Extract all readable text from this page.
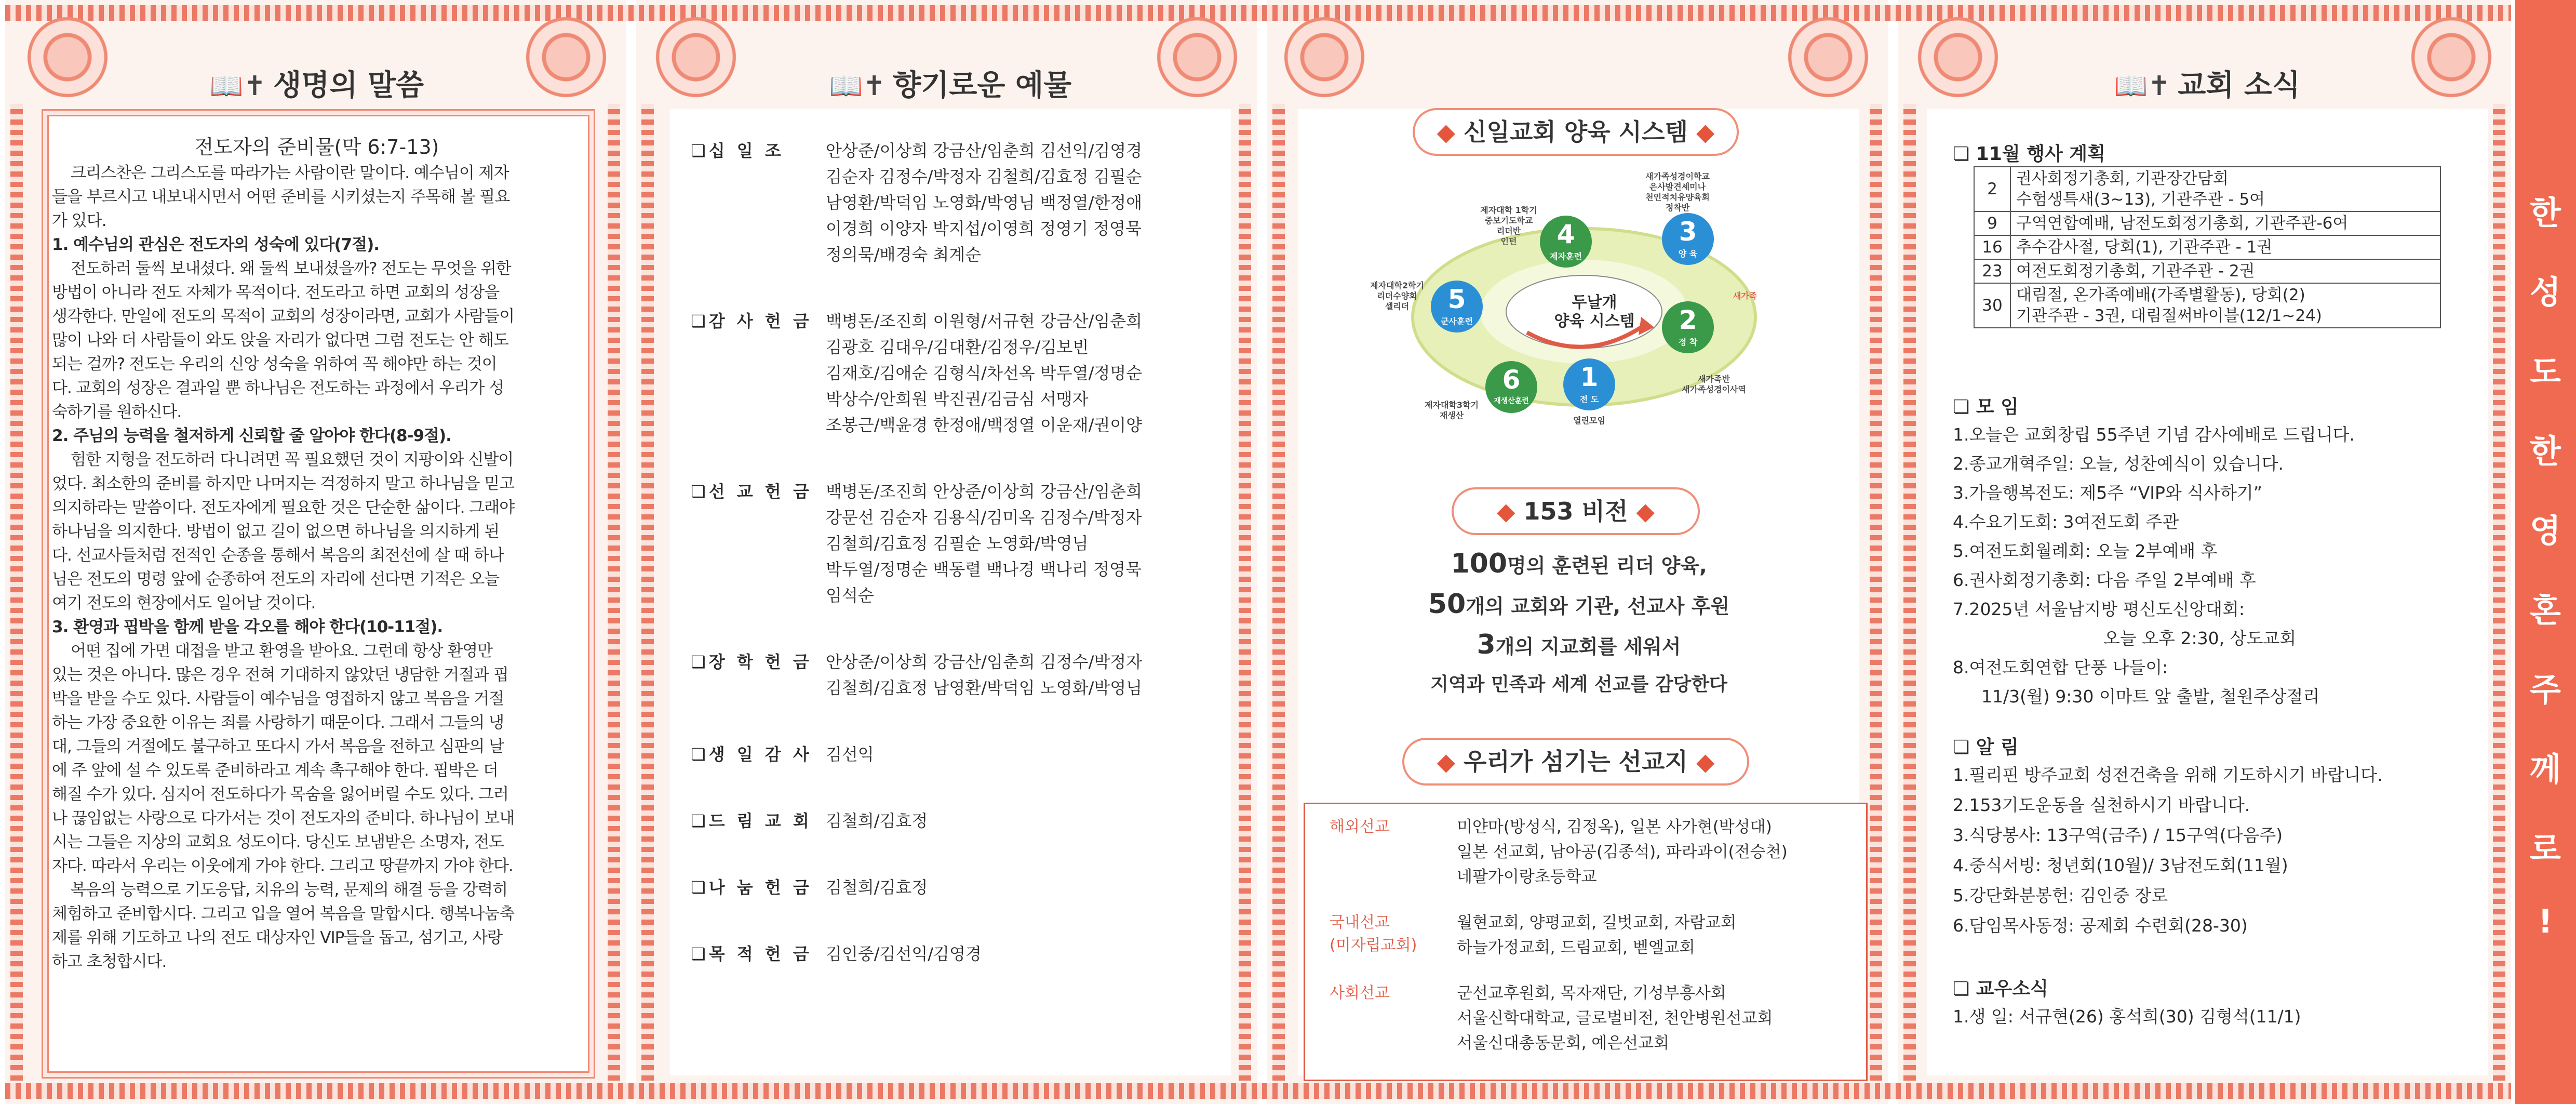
📖✝ 생명의 말씀
전도자의 준비물(막 6:7-13)

크리스찬은 그리스도를 따라가는 사람이란 말이다. 예수님이 제자

들을 부르시고 내보내시면서 어떤 준비를 시키셨는지 주목해 볼 필요

가 있다.

1. 예수님의 관심은 전도자의 성숙에 있다(7절).

전도하러 둘씩 보내셨다. 왜 둘씩 보내셨을까? 전도는 무엇을 위한

방법이 아니라 전도 자체가 목적이다. 전도라고 하면 교회의 성장을

생각한다. 만일에 전도의 목적이 교회의 성장이라면, 교회가 사람들이

많이 나와 더 사람들이 와도 앉을 자리가 없다면 그럼 전도는 안 해도

되는 걸까? 전도는 우리의 신앙 성숙을 위하여 꼭 해야만 하는 것이

다. 교회의 성장은 결과일 뿐 하나님은 전도하는 과정에서 우리가 성

숙하기를 원하신다.

2. 주님의 능력을 철저하게 신뢰할 줄 알아야 한다(8-9절).

험한 지형을 전도하러 다니려면 꼭 필요했던 것이 지팡이와 신발이

었다. 최소한의 준비를 하지만 나머지는 걱정하지 말고 하나님을 믿고

의지하라는 말씀이다. 전도자에게 필요한 것은 단순한 삶이다. 그래야

하나님을 의지한다. 방법이 없고 길이 없으면 하나님을 의지하게 된

다. 선교사들처럼 전적인 순종을 통해서 복음의 최전선에 살 때 하나

님은 전도의 명령 앞에 순종하여 전도의 자리에 선다면 기적은 오늘

여기 전도의 현장에서도 일어날 것이다.

3. 환영과 핍박을 함께 받을 각오를 해야 한다(10-11절).

어떤 집에 가면 대접을 받고 환영을 받아요. 그런데 항상 환영만

있는 것은 아니다. 많은 경우 전혀 기대하지 않았던 냉담한 거절과 핍

박을 받을 수도 있다. 사람들이 예수님을 영접하지 않고 복음을 거절

하는 가장 중요한 이유는 죄를 사랑하기 때문이다. 그래서 그들의 냉

대, 그들의 거절에도 불구하고 또다시 가서 복음을 전하고 심판의 날

에 주 앞에 설 수 있도록 준비하라고 계속 촉구해야 한다. 핍박은 더

해질 수가 있다. 심지어 전도하다가 목숨을 잃어버릴 수도 있다. 그러

나 끊임없는 사랑으로 다가서는 것이 전도자의 준비다. 하나님이 보내

시는 그들은 지상의 교회요 성도이다. 당신도 보냄받은 소명자, 전도

자다. 따라서 우리는 이웃에게 가야 한다. 그리고 땅끝까지 가야 한다.

복음의 능력으로 기도응답, 치유의 능력, 문제의 해결 등을 강력히

체험하고 준비합시다. 그리고 입을 열어 복음을 말합시다. 행복나눔축

제를 위해 기도하고 나의 전도 대상자인 VIP들을 돕고, 섬기고, 사랑

하고 초청합시다.

📖✝ 향기로운 예물
❏십 일 조	안상준/이상희 강금산/임춘희 김선익/김영경
김순자 김정수/박정자 김철희/김효정 김필순
남영환/박덕임 노영화/박영님 백정열/한정애
이경희 이양자 박지섭/이영희 정영기 정영묵
정의묵/배경숙 최계순
❏감 사 헌 금 백병돈/조진희 이원형/서규현 강금산/임춘희
김광호 김대우/김대환/김정우/김보빈
김재호/김애순 김형식/차선옥 박두열/정명순
박상수/안희원 박진권/김금심 서맹자
조봉근/백윤경 한정애/백정열 이운재/권이양
❏선 교 헌 금 백병돈/조진희 안상준/이상희 강금산/임춘희
강문선 김순자 김용식/김미옥 김정수/박정자
김철희/김효정 김필순 노영화/박영님
박두열/정명순 백동렬 백나경 백나리 정영묵
임석순
❏장 학 헌 금 안상준/이상희 강금산/임춘희 김정수/박정자
김철희/김효정 남영환/박덕임 노영화/박영님
❏생 일 감 사 김선익
❏드 림 교 회 김철희/김효정
❏나 눔 헌 금 김철희/김효정
❏목 적 헌 금 김인중/김선익/김영경
◆ 신일교회 양육 시스템 ◆
두날개
양육 시스템
1
전 도
2
정 착
3
양 육
4
제자훈련
5
군사훈련
6
재생산훈련
새가족성경이학교
은사발견세미나
천인적치유양육회
정착반
제자대학 1학기
중보기도학교
리더반
인턴
제자대학2학기
리더수양회
셀리더
제자대학3학기
재생산
새가족
새가족반
새가족성경이사역
열린모임
◆ 153 비전 ◆
100명의 훈련된 리더 양육,
50개의 교회와 기관, 선교사 후원
3개의 지교회를 세워서
지역과 민족과 세계 선교를 감당한다
◆ 우리가 섬기는 선교지 ◆
해외선교	미얀마(방성식, 김정옥), 일본 사가현(박성대)
일본 선교회, 남아공(김종석), 파라과이(전승천)
네팔가이랑초등학교
국내선교
(미자립교회)
월현교회, 양평교회, 길벗교회, 자람교회
하늘가정교회, 드림교회, 벧엘교회
사회선교	군선교후원회, 목자재단, 기성부흥사회
서울신학대학교, 글로벌비전, 천안병원선교회
서울신대총동문회, 예은선교회
📖✝ 교회 소식
❏ 11월 행사 계획
2	권사회정기총회, 기관장간담회
수험생특새(3~13), 기관주관 - 5여
9	구역연합예배, 남전도회정기총회, 기관주관-6여
16	추수감사절, 당회(1), 기관주관 - 1권
23	여전도회정기총회, 기관주관 - 2권
30	대림절, 온가족예배(가족별활동), 당회(2)
기관주관 - 3권, 대림절써바이블(12/1~24)
❏ 모 임
1.오늘은 교회창립 55주년 기념 감사예배로 드립니다.
2.종교개혁주일: 오늘, 성찬예식이 있습니다.
3.가을행복전도: 제5주 “VIP와 식사하기”
4.수요기도회: 3여전도회 주관
5.여전도회월례회: 오늘 2부예배 후
6.권사회정기총회: 다음 주일 2부예배 후
7.2025년 서울남지방 평신도신앙대회:
오늘 오후 2:30, 상도교회
8.여전도회연합 단풍 나들이:
11/3(월) 9:30 이마트 앞 출발, 철원주상절리
❏ 알 림
1.필리핀 방주교회 성전건축을 위해 기도하시기 바랍니다.
2.153기도운동을 실천하시기 바랍니다.
3.식당봉사: 13구역(금주) / 15구역(다음주)
4.중식서빙: 청년회(10월)/ 3남전도회(11월)
5.강단화분봉헌: 김인중 장로
6.담임목사동정: 공제회 수련회(28-30)
❏ 교우소식
1.생 일: 서규현(26) 홍석희(30) 김형석(11/1)
한
성
도
한
영
혼
주
께
로
!
